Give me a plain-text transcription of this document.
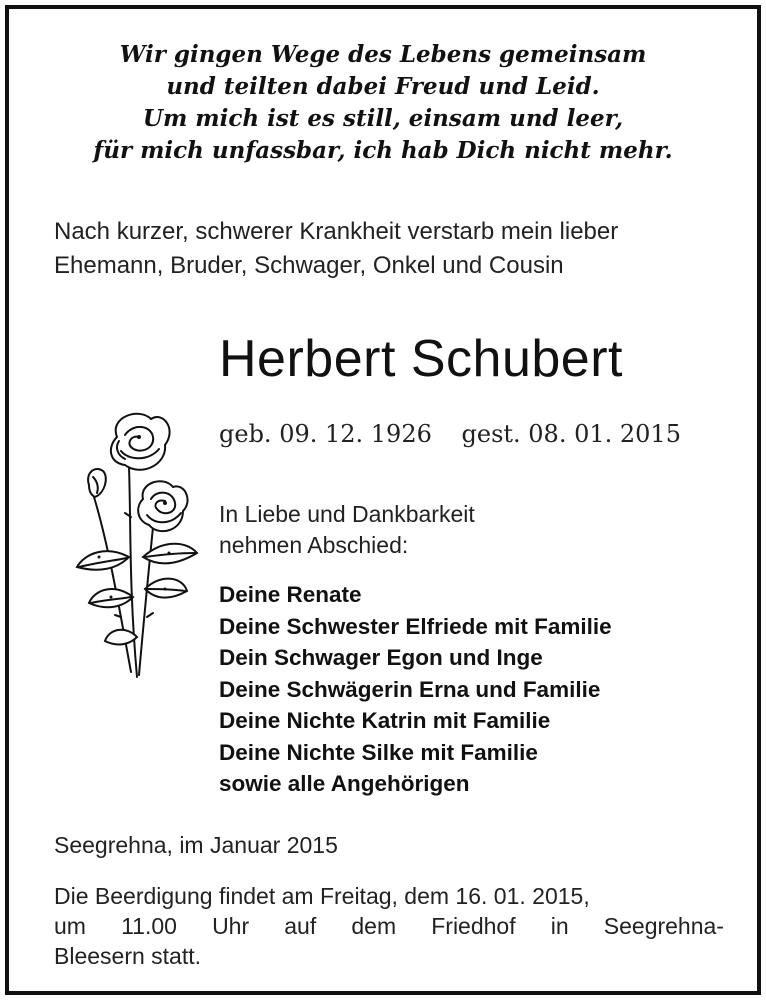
Wir gingen Wege des Lebens gemeinsam
und teilten dabei Freud und Leid.
Um mich ist es still, einsam und leer,
für mich unfassbar, ich hab Dich nicht mehr.
Nach kurzer, schwerer Krankheit verstarb mein lieber
Ehemann, Bruder, Schwager, Onkel und Cousin
Herbert Schubert
geb. 09. 12. 1926 gest. 08. 01. 2015
In Liebe und Dankbarkeit
nehmen Abschied:
Deine Renate
Deine Schwester Elfriede mit Familie
Dein Schwager Egon und Inge
Deine Schwägerin Erna und Familie
Deine Nichte Katrin mit Familie
Deine Nichte Silke mit Familie
sowie alle Angehörigen
Seegrehna, im Januar 2015
Die Beerdigung findet am Freitag, dem 16. 01. 2015,
um 11.00 Uhr auf dem Friedhof in Seegrehna-
Bleesern statt.
